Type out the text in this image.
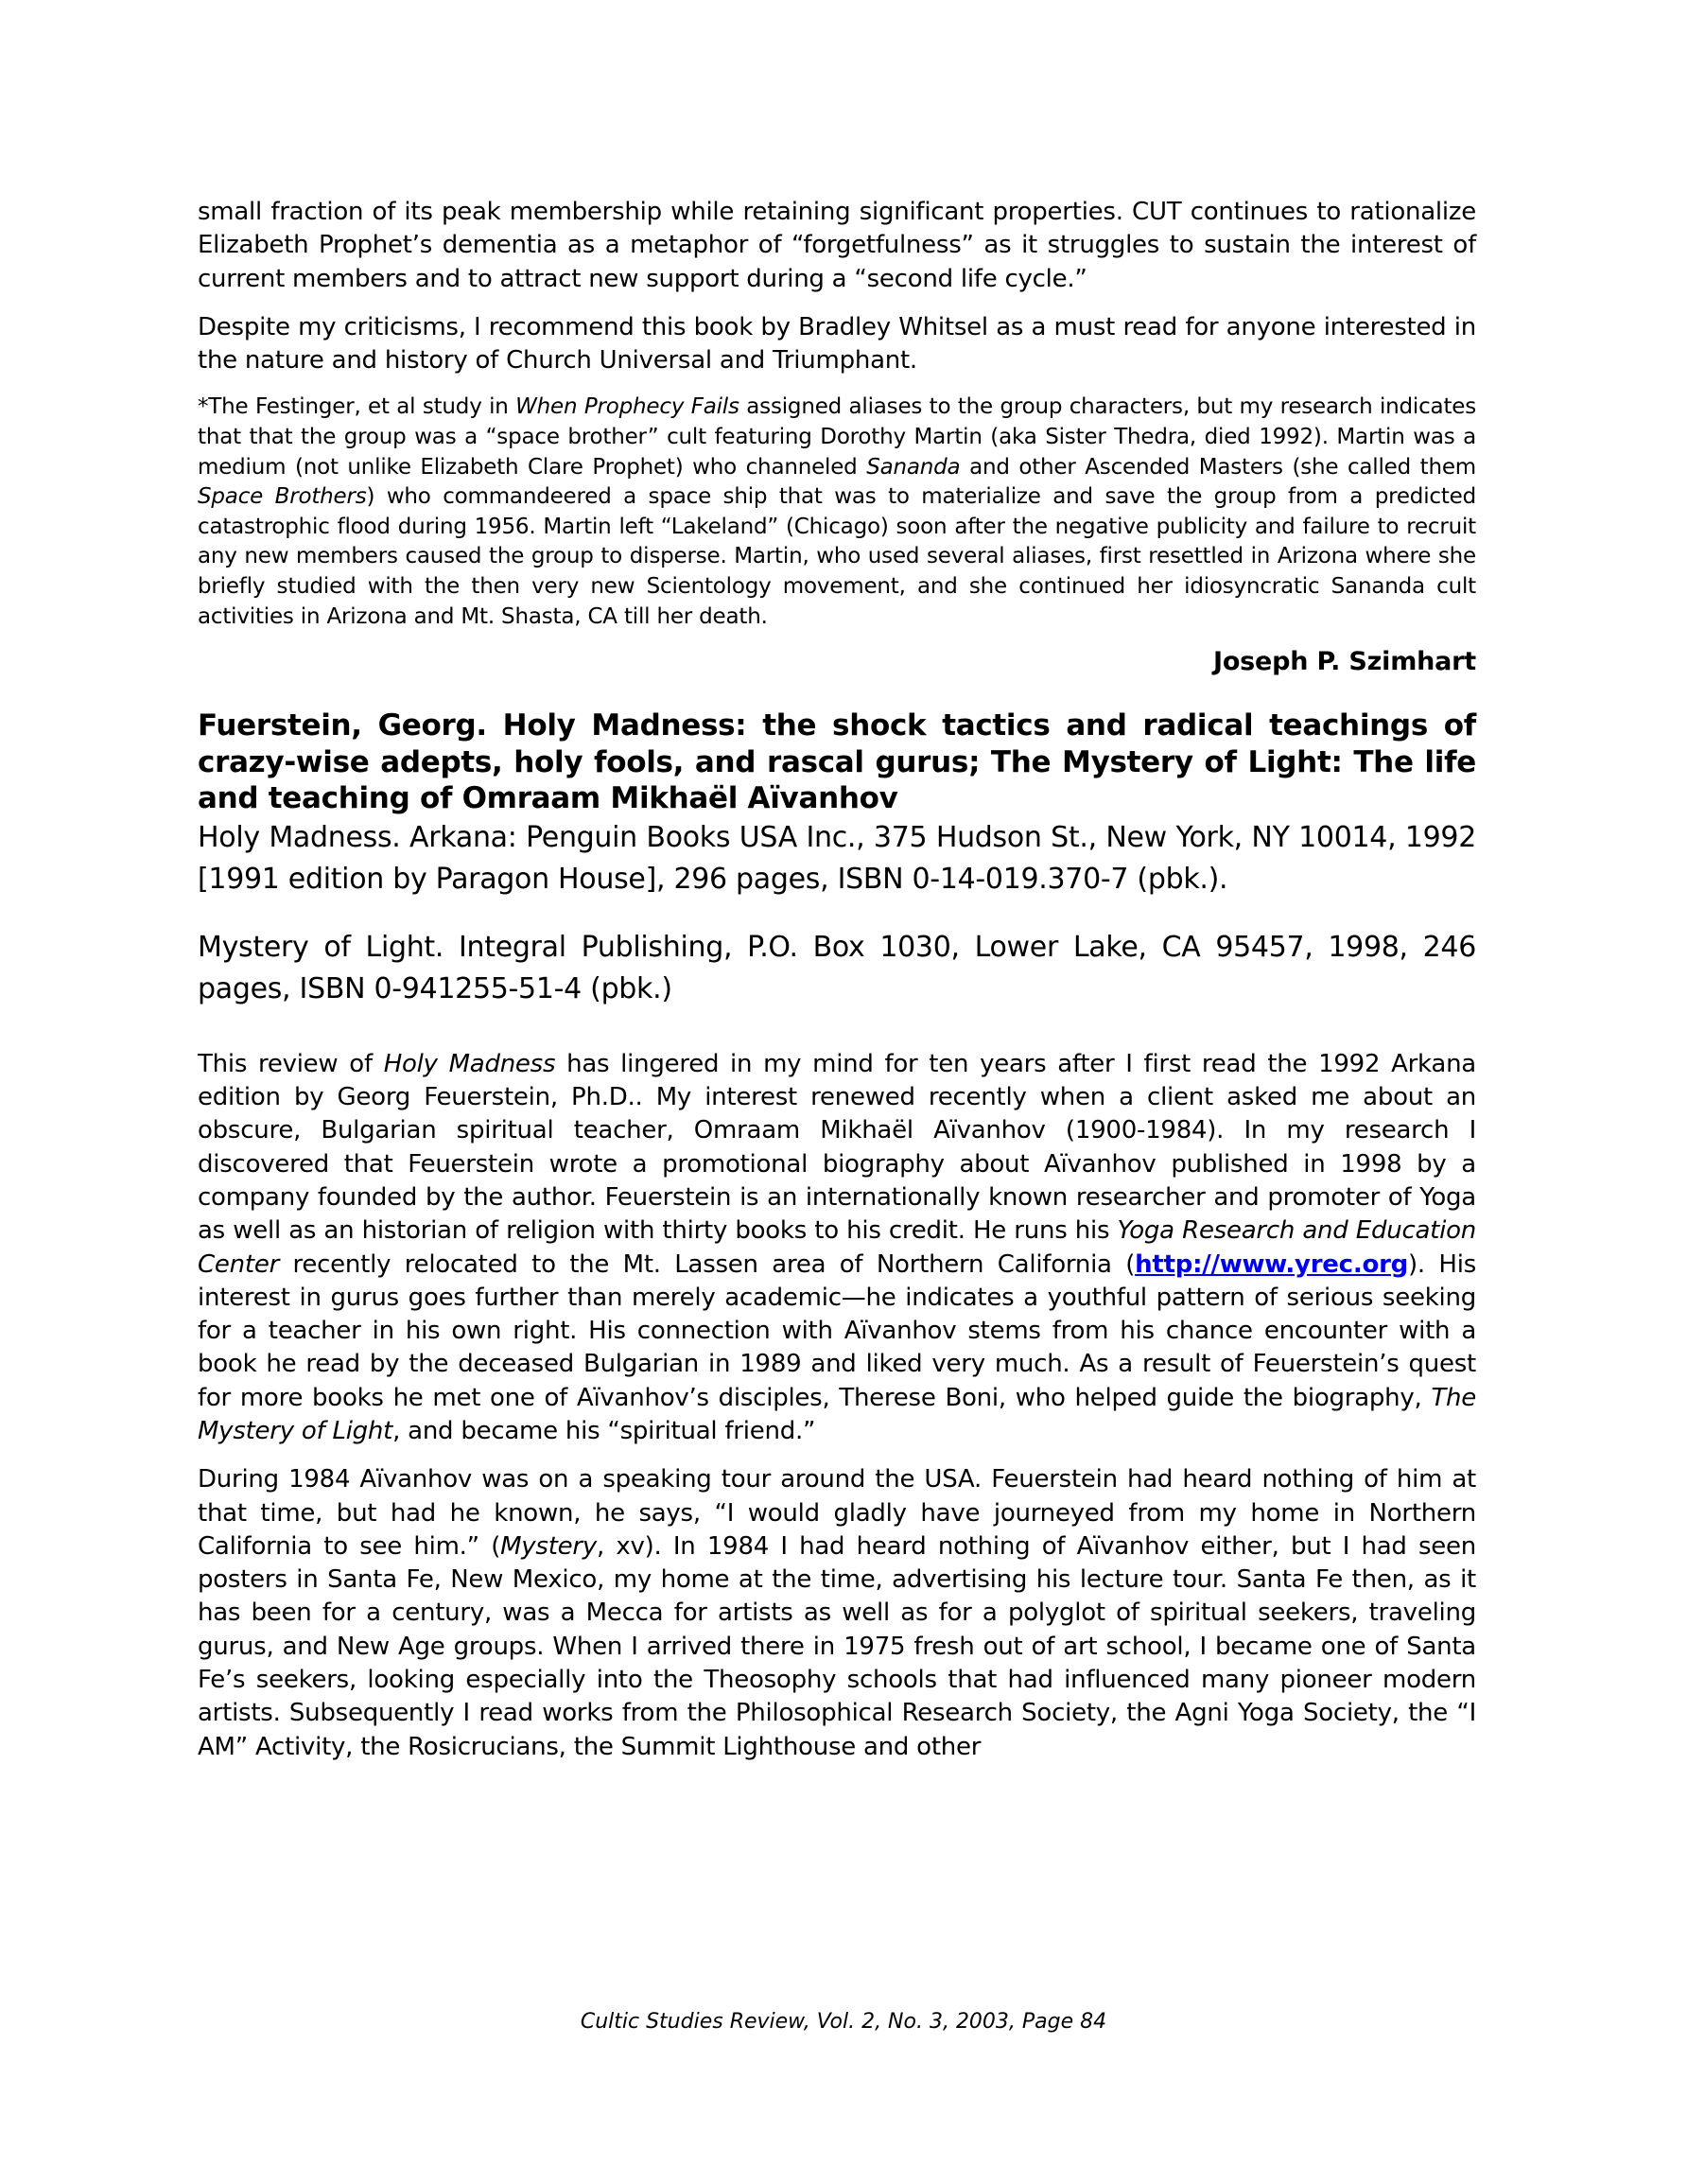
small fraction of its peak membership while retaining significant properties. CUT continues to rationalize Elizabeth Prophet’s dementia as a metaphor of “forgetfulness” as it struggles to sustain the interest of current members and to attract new support during a “second life cycle.”

Despite my criticisms, I recommend this book by Bradley Whitsel as a must read for anyone interested in the nature and history of Church Universal and Triumphant.

*The Festinger, et al study in When Prophecy Fails assigned aliases to the group characters, but my research indicates that that the group was a “space brother” cult featuring Dorothy Martin (aka Sister Thedra, died 1992). Martin was a medium (not unlike Elizabeth Clare Prophet) who channeled Sananda and other Ascended Masters (she called them Space Brothers) who commandeered a space ship that was to materialize and save the group from a predicted catastrophic flood during 1956. Martin left “Lakeland” (Chicago) soon after the negative publicity and failure to recruit any new members caused the group to disperse. Martin, who used several aliases, first resettled in Arizona where she briefly studied with the then very new Scientology movement, and she continued her idiosyncratic Sananda cult activities in Arizona and Mt. Shasta, CA till her death.

Joseph P. Szimhart

Fuerstein, Georg. Holy Madness: the shock tactics and radical teachings of crazy-wise adepts, holy fools, and rascal gurus; The Mystery of Light: The life and teaching of Omraam Mikhaël Aïvanhov

Holy Madness. Arkana: Penguin Books USA Inc., 375 Hudson St., New York, NY 10014, 1992 [1991 edition by Paragon House], 296 pages, ISBN 0-14-019.370-7 (pbk.).

Mystery of Light. Integral Publishing, P.O. Box 1030, Lower Lake, CA 95457, 1998, 246 pages, ISBN 0-941255-51-4 (pbk.)

This review of Holy Madness has lingered in my mind for ten years after I first read the 1992 Arkana edition by Georg Feuerstein, Ph.D.. My interest renewed recently when a client asked me about an obscure, Bulgarian spiritual teacher, Omraam Mikhaël Aïvanhov (1900-1984). In my research I discovered that Feuerstein wrote a promotional biography about Aïvanhov published in 1998 by a company founded by the author. Feuerstein is an internationally known researcher and promoter of Yoga as well as an historian of religion with thirty books to his credit. He runs his Yoga Research and Education Center recently relocated to the Mt. Lassen area of Northern California (http://www.yrec.org). His interest in gurus goes further than merely academic—he indicates a youthful pattern of serious seeking for a teacher in his own right. His connection with Aïvanhov stems from his chance encounter with a book he read by the deceased Bulgarian in 1989 and liked very much. As a result of Feuerstein’s quest for more books he met one of Aïvanhov’s disciples, Therese Boni, who helped guide the biography, The Mystery of Light, and became his “spiritual friend.”

During 1984 Aïvanhov was on a speaking tour around the USA. Feuerstein had heard nothing of him at that time, but had he known, he says, “I would gladly have journeyed from my home in Northern California to see him.” (Mystery, xv). In 1984 I had heard nothing of Aïvanhov either, but I had seen posters in Santa Fe, New Mexico, my home at the time, advertising his lecture tour. Santa Fe then, as it has been for a century, was a Mecca for artists as well as for a polyglot of spiritual seekers, traveling gurus, and New Age groups. When I arrived there in 1975 fresh out of art school, I became one of Santa Fe’s seekers, looking especially into the Theosophy schools that had influenced many pioneer modern artists. Subsequently I read works from the Philosophical Research Society, the Agni Yoga Society, the “I AM” Activity, the Rosicrucians, the Summit Lighthouse and other

Cultic Studies Review, Vol. 2, No. 3, 2003, Page 84
